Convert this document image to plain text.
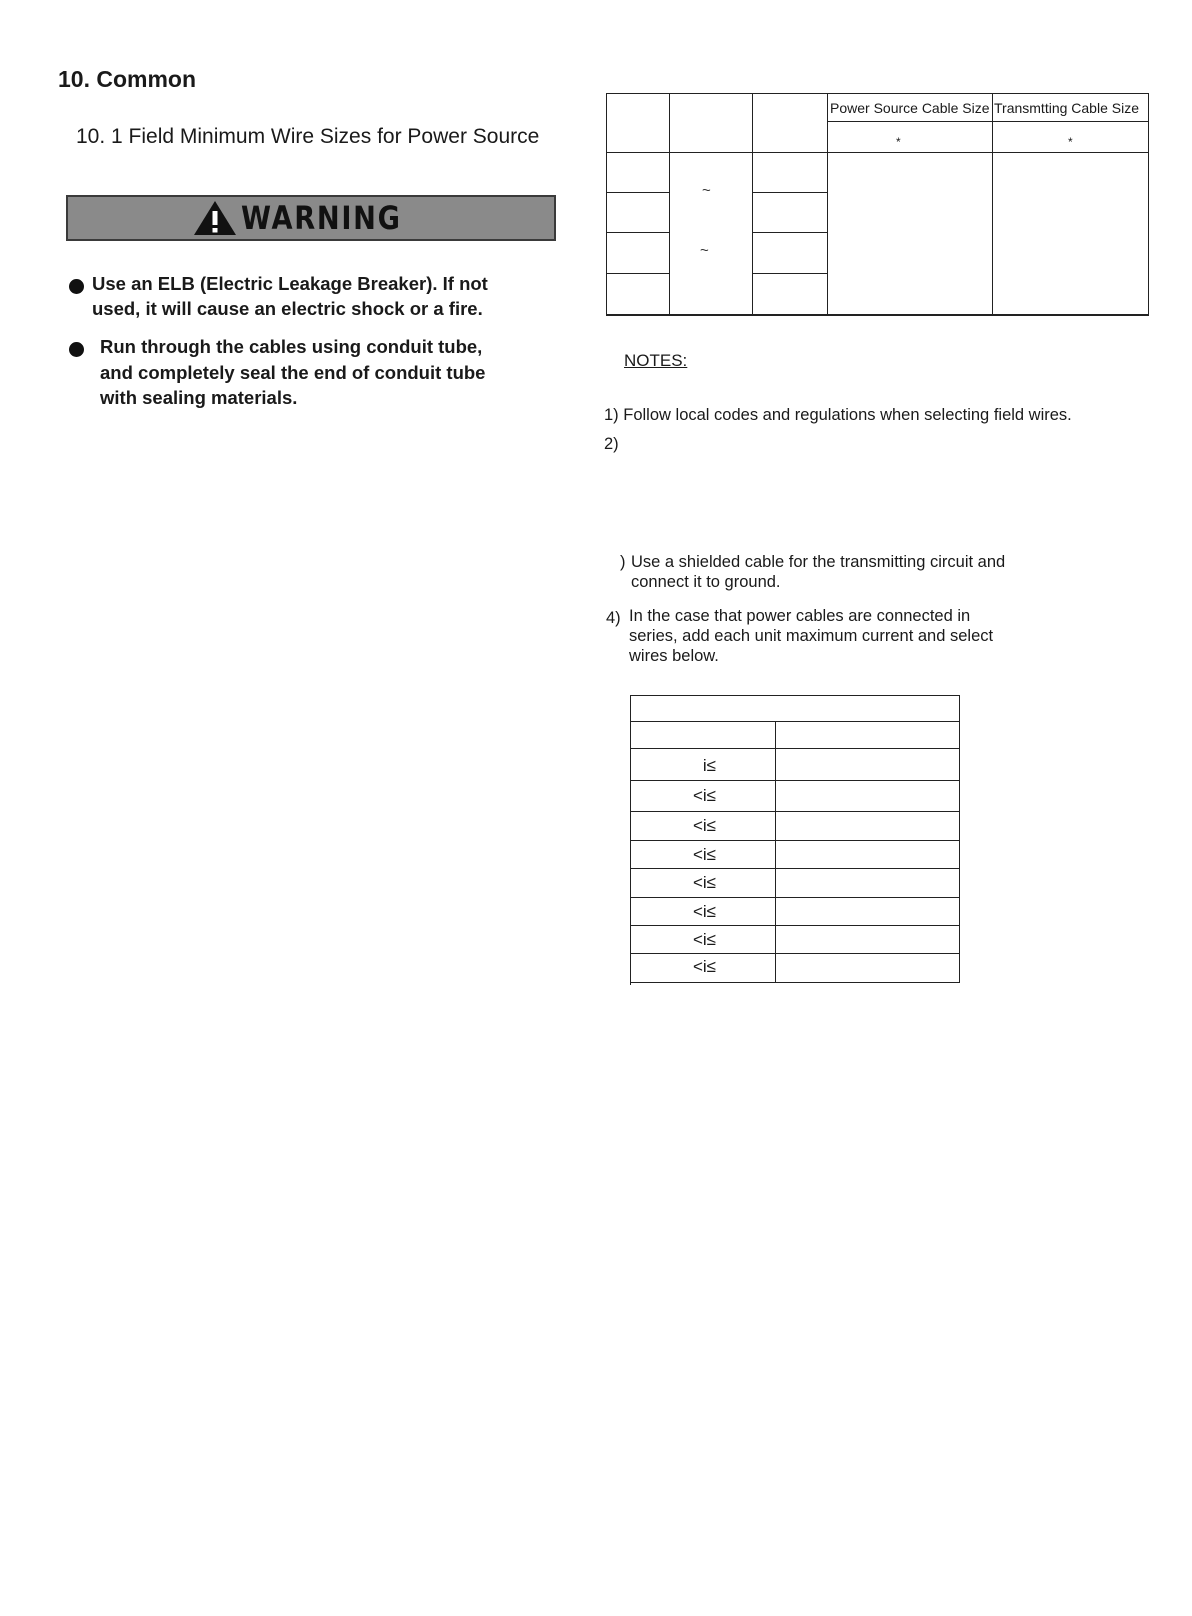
10. Common
10. 1 Field Minimum Wire Sizes for Power Source
WARNING
Use an ELB (Electric Leakage Breaker). If not
used, it will cause an electric shock or a fire.
Run through the cables using conduit tube,
and completely seal the end of conduit tube
with sealing materials.
Power Source Cable Size Transmtting Cable Size
*	*
~
~
NOTES:
1) Follow local codes and regulations when selecting field wires.
2)
) Use a shielded cable for the transmitting circuit and
connect it to ground.
4) In the case that power cables are connected in
series, add each unit maximum current and select
wires below.
i≤
<i≤
<i≤
<i≤
<i≤
<i≤
<i≤
<i≤
